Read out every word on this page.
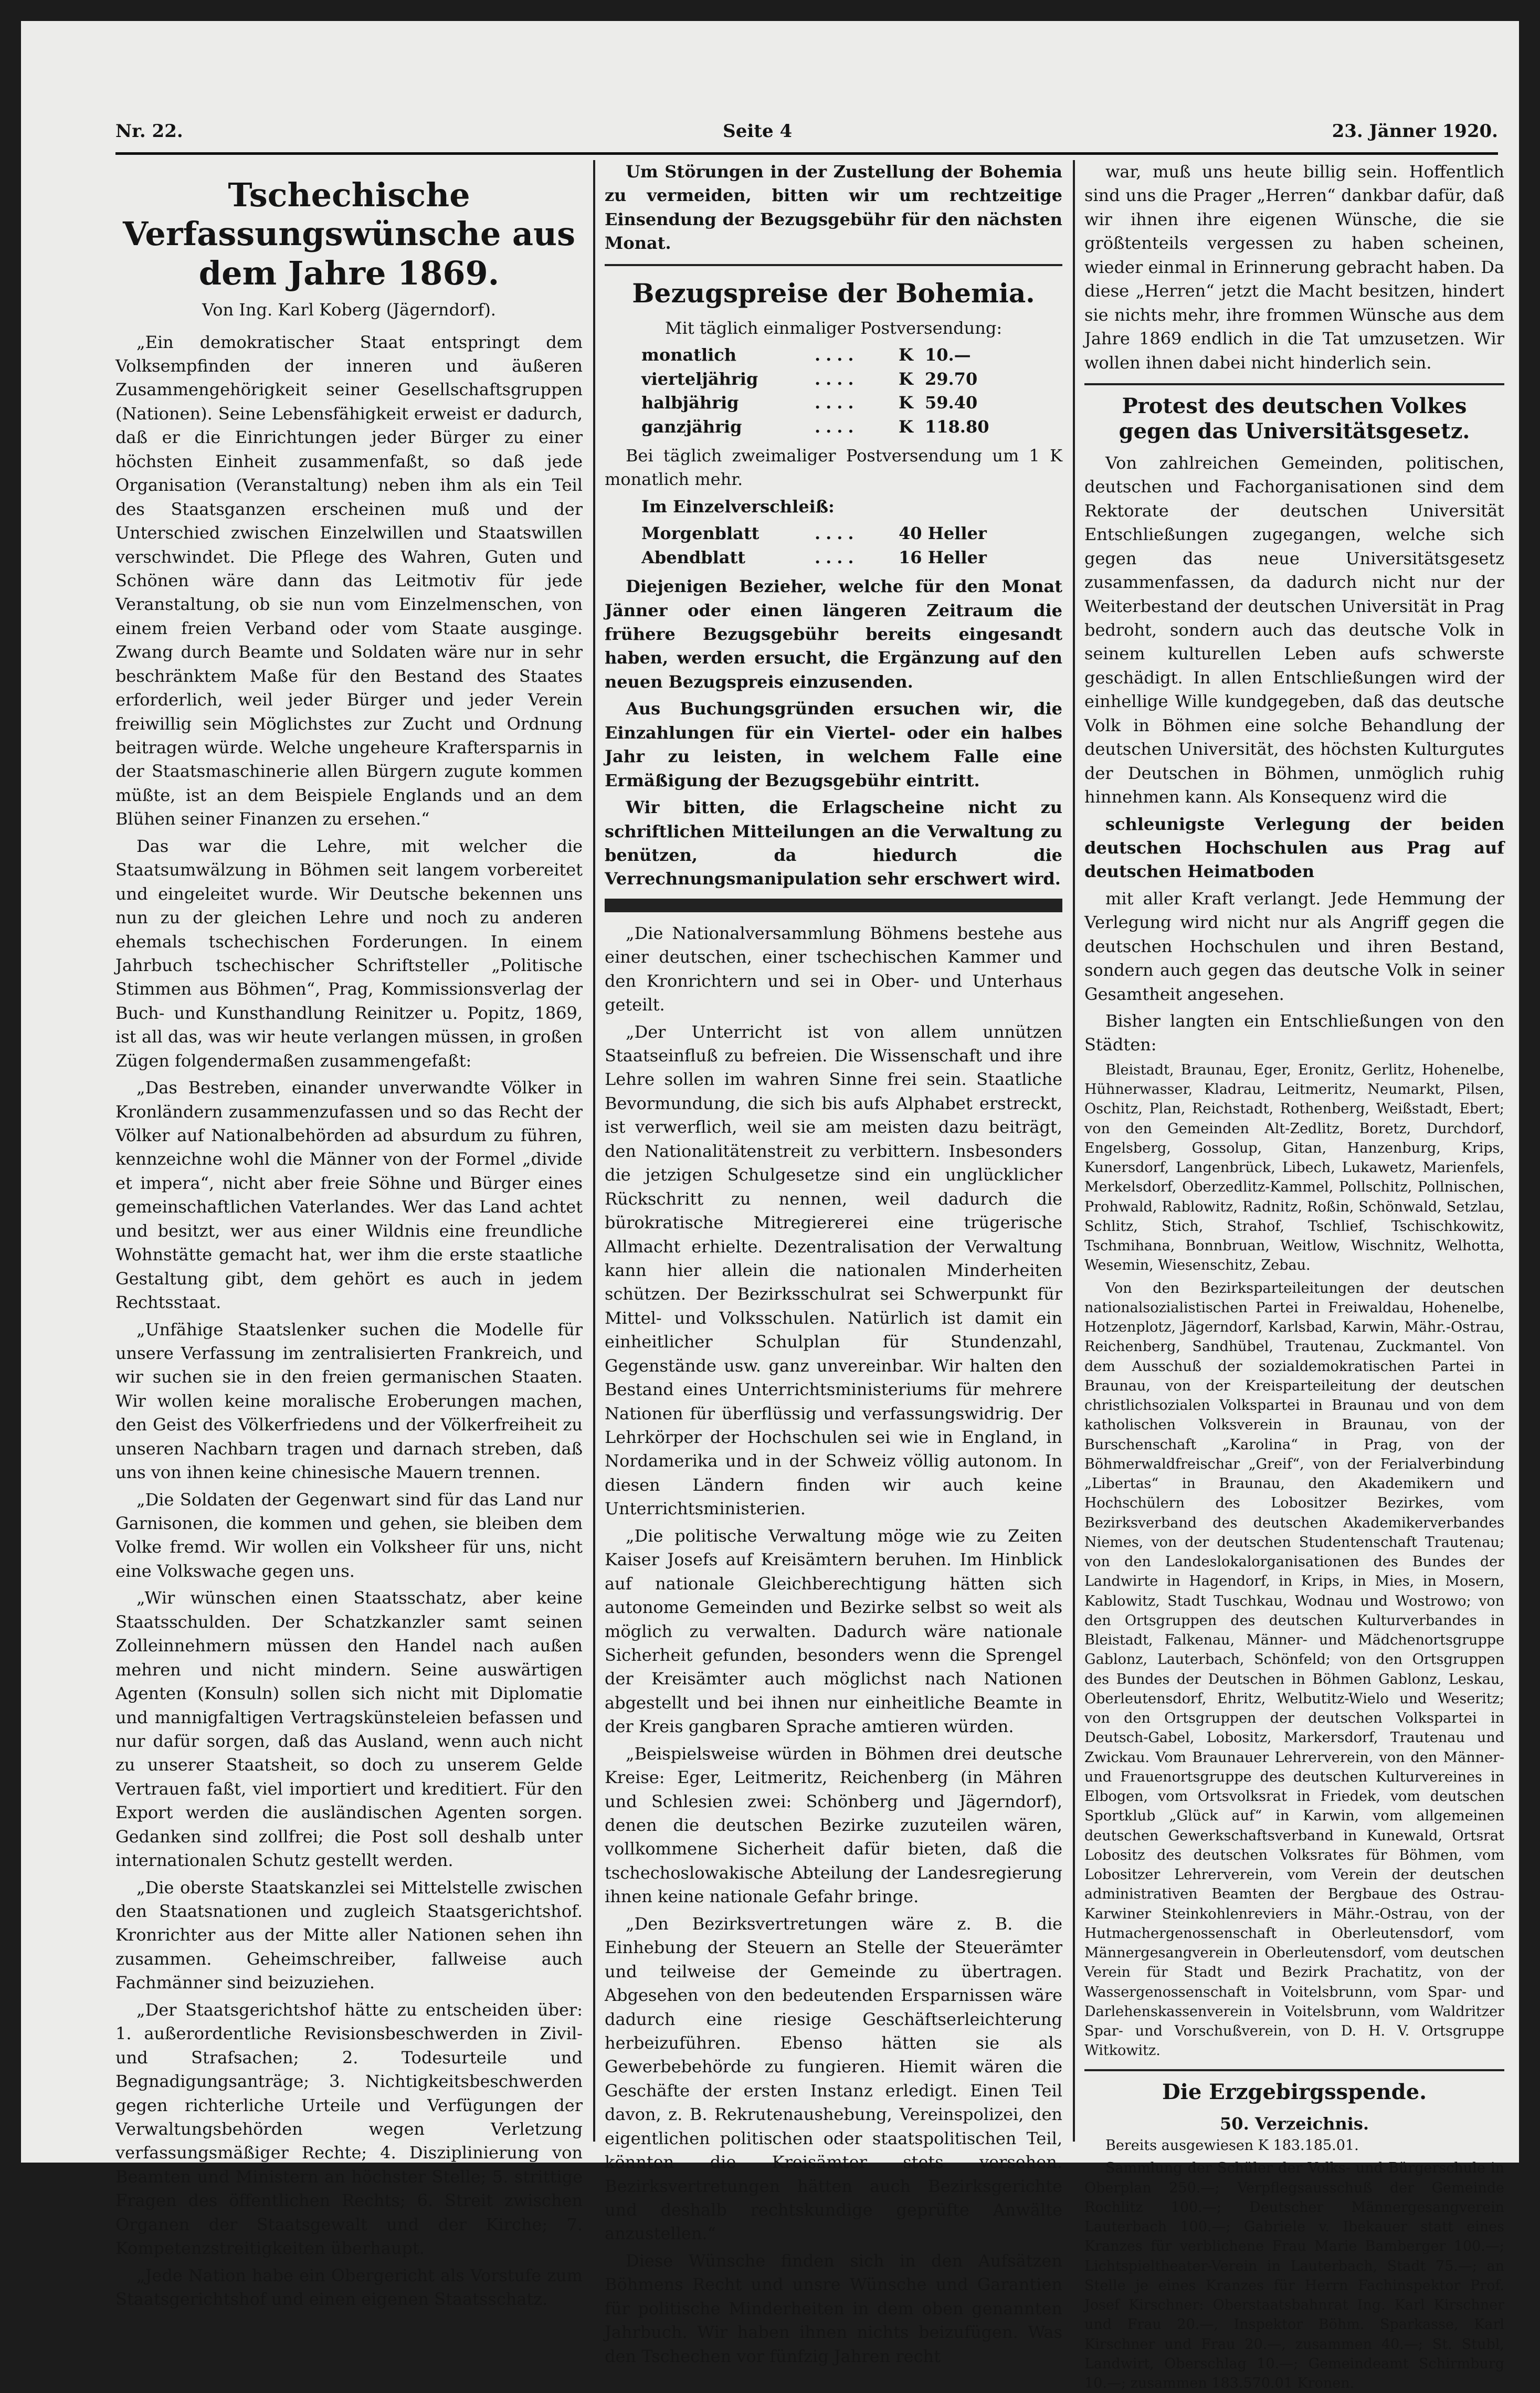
Nr. 22.	Seite 4	23. Jänner 1920.
Tschechische Verfassungswünsche aus dem Jahre 1869.
Von Ing. Karl Koberg (Jägerndorf).

„Ein demokratischer Staat entspringt dem Volksempfinden der inneren und äußeren Zusammengehörigkeit seiner Gesellschaftsgruppen (Nationen). Seine Lebensfähigkeit erweist er dadurch, daß er die Einrichtungen jeder Bürger zu einer höchsten Einheit zusammenfaßt, so daß jede Organisation (Veranstaltung) neben ihm als ein Teil des Staatsganzen erscheinen muß und der Unterschied zwischen Einzelwillen und Staatswillen verschwindet. Die Pflege des Wahren, Guten und Schönen wäre dann das Leitmotiv für jede Veranstaltung, ob sie nun vom Einzelmenschen, von einem freien Verband oder vom Staate ausginge. Zwang durch Beamte und Soldaten wäre nur in sehr beschränktem Maße für den Bestand des Staates erforderlich, weil jeder Bürger und jeder Verein freiwillig sein Möglichstes zur Zucht und Ordnung beitragen würde. Welche ungeheure Kraftersparnis in der Staatsmaschinerie allen Bürgern zugute kommen müßte, ist an dem Beispiele Englands und an dem Blühen seiner Finanzen zu ersehen.“

Das war die Lehre, mit welcher die Staatsumwälzung in Böhmen seit langem vorbereitet und eingeleitet wurde. Wir Deutsche bekennen uns nun zu der gleichen Lehre und noch zu anderen ehemals tschechischen Forderungen. In einem Jahrbuch tschechischer Schriftsteller „Politische Stimmen aus Böhmen“, Prag, Kommissionsverlag der Buch- und Kunsthandlung Reinitzer u. Popitz, 1869, ist all das, was wir heute verlangen müssen, in großen Zügen folgendermaßen zusammengefaßt:

„Das Bestreben, einander unverwandte Völker in Kronländern zusammenzufassen und so das Recht der Völker auf Nationalbehörden ad absurdum zu führen, kennzeichne wohl die Männer von der Formel „divide et impera“, nicht aber freie Söhne und Bürger eines gemeinschaftlichen Vaterlandes. Wer das Land achtet und besitzt, wer aus einer Wildnis eine freundliche Wohnstätte gemacht hat, wer ihm die erste staatliche Gestaltung gibt, dem gehört es auch in jedem Rechtsstaat.

„Unfähige Staatslenker suchen die Modelle für unsere Verfassung im zentralisierten Frankreich, und wir suchen sie in den freien germanischen Staaten. Wir wollen keine moralische Eroberungen machen, den Geist des Völkerfriedens und der Völkerfreiheit zu unseren Nachbarn tragen und darnach streben, daß uns von ihnen keine chinesische Mauern trennen.

„Die Soldaten der Gegenwart sind für das Land nur Garnisonen, die kommen und gehen, sie bleiben dem Volke fremd. Wir wollen ein Volksheer für uns, nicht eine Volkswache gegen uns.

„Wir wünschen einen Staatsschatz, aber keine Staatsschulden. Der Schatzkanzler samt seinen Zolleinnehmern müssen den Handel nach außen mehren und nicht mindern. Seine auswärtigen Agenten (Konsuln) sollen sich nicht mit Diplomatie und mannigfaltigen Vertragskünsteleien befassen und nur dafür sorgen, daß das Ausland, wenn auch nicht zu unserer Staatsheit, so doch zu unserem Gelde Vertrauen faßt, viel importiert und kreditiert. Für den Export werden die ausländischen Agenten sorgen. Gedanken sind zollfrei; die Post soll deshalb unter internationalen Schutz gestellt werden.

„Die oberste Staatskanzlei sei Mittelstelle zwischen den Staatsnationen und zugleich Staatsgerichtshof. Kronrichter aus der Mitte aller Nationen sehen ihn zusammen. Geheimschreiber, fallweise auch Fachmänner sind beizuziehen.

„Der Staatsgerichtshof hätte zu entscheiden über: 1. außerordentliche Revisionsbeschwerden in Zivil- und Strafsachen; 2. Todesurteile und Begnadigungsanträge; 3. Nichtigkeitsbeschwerden gegen richterliche Urteile und Verfügungen der Verwaltungsbehörden wegen Verletzung verfassungsmäßiger Rechte; 4. Disziplinierung von Beamten und Ministern an höchster Stelle; 5. strittige Fragen des öffentlichen Rechts; 6. Streit zwischen Organen der Staatsgewalt und der Kirche; 7. Kompetenzstreitigkeiten überhaupt.

„Jede Nation habe ein Obergericht als Vorstufe zum Staatsgerichtshof und einen eigenen Staatsschatz.

Um Störungen in der Zustellung der Bohemia zu vermeiden, bitten wir um rechtzeitige Einsendung der Bezugsgebühr für den nächsten Monat.

Bezugspreise der Bohemia.
Mit täglich einmaliger Postversendung:
monatlich	....	K 10.—
vierteljährig	....	K 29.70
halbjährig	....	K 59.40
ganzjährig	....	K 118.80

Bei täglich zweimaliger Postversendung um 1 K monatlich mehr.

Im Einzelverschleiß:
Morgenblatt	....	40 Heller
Abendblatt	....	16 Heller

Diejenigen Bezieher, welche für den Monat Jänner oder einen längeren Zeitraum die frühere Bezugsgebühr bereits eingesandt haben, werden ersucht, die Ergänzung auf den neuen Bezugspreis einzusenden.

Aus Buchungsgründen ersuchen wir, die Einzahlungen für ein Viertel- oder ein halbes Jahr zu leisten, in welchem Falle eine Ermäßigung der Bezugsgebühr eintritt.

Wir bitten, die Erlagscheine nicht zu schriftlichen Mitteilungen an die Verwaltung zu benützen, da hiedurch die Verrechnungsmanipulation sehr erschwert wird.

„Die Nationalversammlung Böhmens bestehe aus einer deutschen, einer tschechischen Kammer und den Kronrichtern und sei in Ober- und Unterhaus geteilt.

„Der Unterricht ist von allem unnützen Staatseinfluß zu befreien. Die Wissenschaft und ihre Lehre sollen im wahren Sinne frei sein. Staatliche Bevormundung, die sich bis aufs Alphabet erstreckt, ist verwerflich, weil sie am meisten dazu beiträgt, den Nationalitätenstreit zu verbittern. Insbesonders die jetzigen Schulgesetze sind ein unglücklicher Rückschritt zu nennen, weil dadurch die bürokratische Mitregiererei eine trügerische Allmacht erhielte. Dezentralisation der Verwaltung kann hier allein die nationalen Minderheiten schützen. Der Bezirksschulrat sei Schwerpunkt für Mittel- und Volksschulen. Natürlich ist damit ein einheitlicher Schulplan für Stundenzahl, Gegenstände usw. ganz unvereinbar. Wir halten den Bestand eines Unterrichtsministeriums für mehrere Nationen für überflüssig und verfassungswidrig. Der Lehrkörper der Hochschulen sei wie in England, in Nordamerika und in der Schweiz völlig autonom. In diesen Ländern finden wir auch keine Unterrichtsministerien.

„Die politische Verwaltung möge wie zu Zeiten Kaiser Josefs auf Kreisämtern beruhen. Im Hinblick auf nationale Gleichberechtigung hätten sich autonome Gemeinden und Bezirke selbst so weit als möglich zu verwalten. Dadurch wäre nationale Sicherheit gefunden, besonders wenn die Sprengel der Kreisämter auch möglichst nach Nationen abgestellt und bei ihnen nur einheitliche Beamte in der Kreis gangbaren Sprache amtieren würden.

„Beispielsweise würden in Böhmen drei deutsche Kreise: Eger, Leitmeritz, Reichenberg (in Mähren und Schlesien zwei: Schönberg und Jägerndorf), denen die deutschen Bezirke zuzuteilen wären, vollkommene Sicherheit dafür bieten, daß die tschechoslowakische Abteilung der Landesregierung ihnen keine nationale Gefahr bringe.

„Den Bezirksvertretungen wäre z. B. die Einhebung der Steuern an Stelle der Steuerämter und teilweise der Gemeinde zu übertragen. Abgesehen von den bedeutenden Ersparnissen wäre dadurch eine riesige Geschäftserleichterung herbeizuführen. Ebenso hätten sie als Gewerbebehörde zu fungieren. Hiemit wären die Geschäfte der ersten Instanz erledigt. Einen Teil davon, z. B. Rekrutenaushebung, Vereinspolizei, den eigentlichen politischen oder staatspolitischen Teil, könnten die Kreisämter stets versehen. Bezirksvertretungen hätten auch Bezirksgerichte und deshalb rechtskundige geprüfte Anwälte anzustellen.“

Diese Wünsche finden sich in den Aufsätzen Böhmens Recht und unsre Wünsche und Garantien für politische Minderheiten in dem oben genannten Jahrbuch. Wir haben ihnen nichts beizufügen. Was den Tschechen vor fünfzig Jahren recht

war, muß uns heute billig sein. Hoffentlich sind uns die Prager „Herren“ dankbar dafür, daß wir ihnen ihre eigenen Wünsche, die sie größtenteils vergessen zu haben scheinen, wieder einmal in Erinnerung gebracht haben. Da diese „Herren“ jetzt die Macht besitzen, hindert sie nichts mehr, ihre frommen Wünsche aus dem Jahre 1869 endlich in die Tat umzusetzen. Wir wollen ihnen dabei nicht hinderlich sein.

Protest des deutschen Volkes gegen das Universitätsgesetz.

Von zahlreichen Gemeinden, politischen, deutschen und Fachorganisationen sind dem Rektorate der deutschen Universität Entschließungen zugegangen, welche sich gegen das neue Universitätsgesetz zusammenfassen, da dadurch nicht nur der Weiterbestand der deutschen Universität in Prag bedroht, sondern auch das deutsche Volk in seinem kulturellen Leben aufs schwerste geschädigt. In allen Entschließungen wird der einhellige Wille kundgegeben, daß das deutsche Volk in Böhmen eine solche Behandlung der deutschen Universität, des höchsten Kulturgutes der Deutschen in Böhmen, unmöglich ruhig hinnehmen kann. Als Konsequenz wird die

schleunigste Verlegung der beiden deutschen Hochschulen aus Prag auf deutschen Heimatboden

mit aller Kraft verlangt. Jede Hemmung der Verlegung wird nicht nur als Angriff gegen die deutschen Hochschulen und ihren Bestand, sondern auch gegen das deutsche Volk in seiner Gesamtheit angesehen.

Bisher langten ein Entschließungen von den Städten:

Bleistadt, Braunau, Eger, Eronitz, Gerlitz, Hohenelbe, Hühnerwasser, Kladrau, Leitmeritz, Neumarkt, Pilsen, Oschitz, Plan, Reichstadt, Rothenberg, Weißstadt, Ebert; von den Gemeinden Alt-Zedlitz, Boretz, Durchdorf, Engelsberg, Gossolup, Gitan, Hanzenburg, Krips, Kunersdorf, Langenbrück, Libech, Lukawetz, Marienfels, Merkelsdorf, Oberzedlitz-Kammel, Pollschitz, Pollnischen, Prohwald, Rablowitz, Radnitz, Roßin, Schönwald, Setzlau, Schlitz, Stich, Strahof, Tschlief, Tschischkowitz, Tschmihana, Bonnbruan, Weitlow, Wischnitz, Welhotta, Wesemin, Wiesenschitz, Zebau.

Von den Bezirksparteileitungen der deutschen nationalsozialistischen Partei in Freiwaldau, Hohenelbe, Hotzenplotz, Jägerndorf, Karlsbad, Karwin, Mähr.-Ostrau, Reichenberg, Sandhübel, Trautenau, Zuckmantel. Von dem Ausschuß der sozialdemokratischen Partei in Braunau, von der Kreisparteileitung der deutschen christlichsozialen Volkspartei in Braunau und von dem katholischen Volksverein in Braunau, von der Burschenschaft „Karolina“ in Prag, von der Böhmerwaldfreischar „Greif“, von der Ferialverbindung „Libertas“ in Braunau, den Akademikern und Hochschülern des Lobositzer Bezirkes, vom Bezirksverband des deutschen Akademikerverbandes Niemes, von der deutschen Studentenschaft Trautenau; von den Landeslokalorganisationen des Bundes der Landwirte in Hagendorf, in Krips, in Mies, in Mosern, Kablowitz, Stadt Tuschkau, Wodnau und Wostrowo; von den Ortsgruppen des deutschen Kulturverbandes in Bleistadt, Falkenau, Männer- und Mädchenortsgruppe Gablonz, Lauterbach, Schönfeld; von den Ortsgruppen des Bundes der Deutschen in Böhmen Gablonz, Leskau, Oberleutensdorf, Ehritz, Welbutitz-Wielo und Weseritz; von den Ortsgruppen der deutschen Volkspartei in Deutsch-Gabel, Lobositz, Markersdorf, Trautenau und Zwickau. Vom Braunauer Lehrerverein, von den Männer- und Frauenortsgruppe des deutschen Kulturvereines in Elbogen, vom Ortsvolksrat in Friedek, vom deutschen Sportklub „Glück auf“ in Karwin, vom allgemeinen deutschen Gewerkschaftsverband in Kunewald, Ortsrat Lobositz des deutschen Volksrates für Böhmen, vom Lobositzer Lehrerverein, vom Verein der deutschen administrativen Beamten der Bergbaue des Ostrau-Karwiner Steinkohlenreviers in Mähr.-Ostrau, von der Hutmachergenossenschaft in Oberleutensdorf, vom Männergesangverein in Oberleutensdorf, vom deutschen Verein für Stadt und Bezirk Prachatitz, von der Wassergenossenschaft in Voitelsbrunn, vom Spar- und Darlehenskassenverein in Voitelsbrunn, vom Waldritzer Spar- und Vorschußverein, von D. H. V. Ortsgruppe Witkowitz.

Die Erzgebirgsspende.
50. Verzeichnis.

Bereits ausgewiesen K 183.185.01.

Sammlung der Schüler der Volks- und Bürgerschule in Oberplan 250.—; Verpflegsausschuß der Gemeinde Rochlitz 100.—; Deutscher Männergesangverein Lauterbach 100.—; Gabriele v. Ibekauer statt eines Kranzes für verblichene Frau Marie Bamberger 100.—; Lichtspieltheater-Verein in Lauterbach, Stadt 75.—; an Stelle je eines Kranzes für Herrn Fachinspektor Prof. Josef Kirschner: Oberstaatsbahnrat Ing. Karl Kirschner und Frau 20.—, Inspektor Böhm. Sparkasse, Karl Kirschner und Frau 20.—, zusammen 40.—; St. Stubl, Landwirt, Oberschlag 10.—; Gemeindeamt Schirmburg 10.—; zusammen 183.570.01 Kronen.
